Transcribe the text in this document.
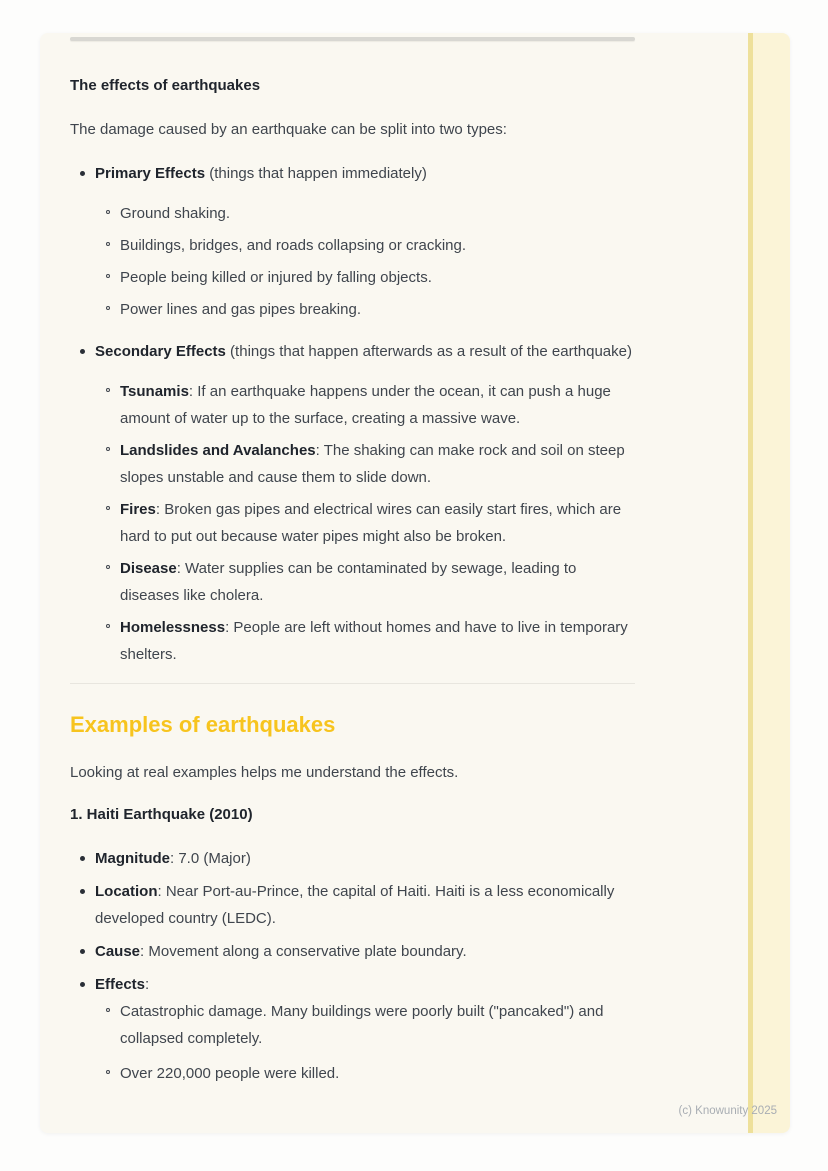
The effects of earthquakes

The damage caused by an earthquake can be split into two types:

Primary Effects (things that happen immediately)
Ground shaking.
Buildings, bridges, and roads collapsing or cracking.
People being killed or injured by falling objects.
Power lines and gas pipes breaking.
Secondary Effects (things that happen afterwards as a result of the earthquake)
Tsunamis: If an earthquake happens under the ocean, it can push a huge amount of water up to the surface, creating a massive wave.
Landslides and Avalanches: The shaking can make rock and soil on steep slopes unstable and cause them to slide down.
Fires: Broken gas pipes and electrical wires can easily start fires, which are hard to put out because water pipes might also be broken.
Disease: Water supplies can be contaminated by sewage, leading to diseases like cholera.
Homelessness: People are left without homes and have to live in temporary shelters.
Examples of earthquakes

Looking at real examples helps me understand the effects.

1. Haiti Earthquake (2010)
Magnitude: 7.0 (Major)
Location: Near Port-au-Prince, the capital of Haiti. Haiti is a less economically developed country (LEDC).
Cause: Movement along a conservative plate boundary.
Effects:
Catastrophic damage. Many buildings were poorly built ("pancaked") and collapsed completely.
Over 220,000 people were killed.
(c) Knowunity 2025
